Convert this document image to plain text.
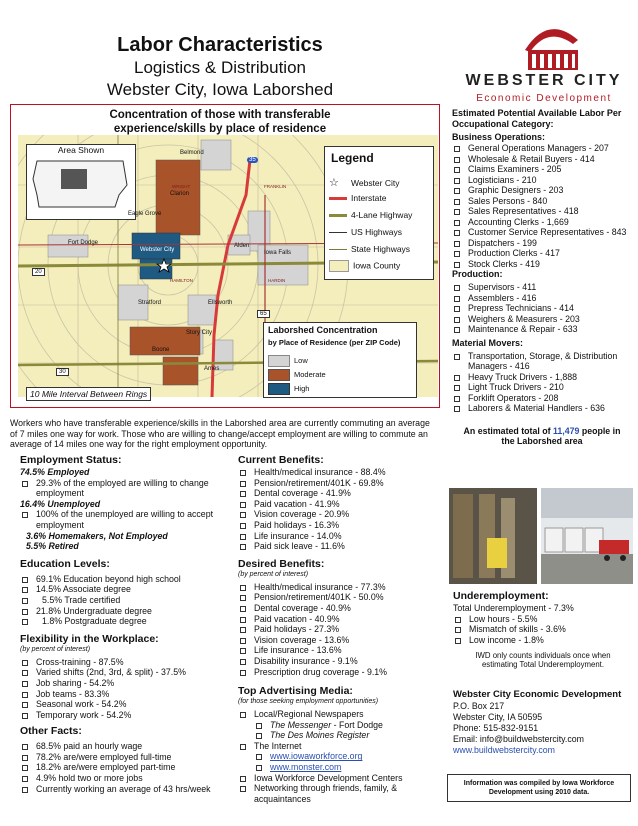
Labor Characteristics
Logistics & Distribution
Webster City, Iowa Laborshed	WEBSTER CITY
Economic Development
Concentration of those with transferable experience/skills by place of residence
Area Shown	Belmond
Clarion
Eagle Grove
Fort Dodge
Webster City
Alden
Iowa Falls
Stratford	Ellsworth
Story City
Boone
Ames
WRIGHT	FRANKLIN
HAMILTON	HARDIN
35
20
65
30
Legend
☆ Webster City
Interstate
4-Lane Highway
US Highways
State Highways
Iowa County
Laborshed Concentration
by Place of Residence (per ZIP Code)
Low
Moderate
High
10 Mile Interval Between Rings
Workers who have transferable experience/skills in the Laborshed area are currently commuting an average of 7 miles one way for work. Those who are willing to change/accept employment are willing to commute an average of 14 miles one way for the right employment opportunity.
Employment Status:
74.5% Employed
29.3% of the employed are willing to change employment
16.4% Unemployed
100% of the unemployed are willing to accept employment
3.6% Homemakers, Not Employed
5.5% Retired
Education Levels:
69.1% Education beyond high school
14.5% Associate degree
5.5% Trade certified
21.8% Undergraduate degree
1.8% Postgraduate degree
Flexibility in the Workplace:
(by percent of interest)
Cross-training - 87.5%
Varied shifts (2nd, 3rd, & split) - 37.5%
Job sharing - 54.2%
Job teams - 83.3%
Seasonal work - 54.2%
Temporary work - 54.2%
Other Facts:
68.5% paid an hourly wage
78.2% are/were employed full-time
18.2% are/were employed part-time
4.9% hold two or more jobs
Currently working an average of 43 hrs/week
Current Benefits:
Health/medical insurance - 88.4%
Pension/retirement/401K - 69.8%
Dental coverage - 41.9%
Paid vacation - 41.9%
Vision coverage - 20.9%
Paid holidays - 16.3%
Life insurance - 14.0%
Paid sick leave - 11.6%
Desired Benefits:
(by percent of interest)
Health/medical insurance - 77.3%
Pension/retirement/401K - 50.0%
Dental coverage - 40.9%
Paid vacation - 40.9%
Paid holidays - 27.3%
Vision coverage - 13.6%
Life insurance - 13.6%
Disability insurance - 9.1%
Prescription drug coverage - 9.1%
Top Advertising Media:
(for those seeking employment opportunities)
Local/Regional Newspapers
The Messenger - Fort Dodge
The Des Moines Register
The Internet
www.iowaworkforce.org
www.monster.com
Iowa Workforce Development Centers
Networking through friends, family, & acquaintances
Estimated Potential Available Labor Per Occupational Category:
Business Operations:
General Operations Managers - 207
Wholesale & Retail Buyers - 414
Claims Examiners - 205
Logisticians - 210
Graphic Designers - 203
Sales Persons - 840
Sales Representatives - 418
Accounting Clerks - 1,669
Customer Service Representatives - 843
Dispatchers - 199
Production Clerks - 417
Stock Clerks - 419
Production:
Supervisors - 411
Assemblers - 416
Prepress Technicians - 414
Weighers & Measurers - 203
Maintenance & Repair - 633
Material Movers:
Transportation, Storage, & Distribution Managers - 416
Heavy Truck Drivers - 1,888
Light Truck Drivers - 210
Forklift Operators - 208
Laborers & Material Handlers - 636
An estimated total of 11,479 people in the Laborshed area
Underemployment:
Total Underemployment - 7.3%
Low hours - 5.5%
Mismatch of skills - 3.6%
Low income - 1.8%
IWD only counts individuals once when estimating Total Underemployment.
Webster City Economic Development
P.O. Box 217
Webster City, IA 50595
Phone: 515-832-9151
Email: info@buildwebstercity.com
www.buildwebstercity.com
Information was compiled by Iowa Workforce Development using 2010 data.
